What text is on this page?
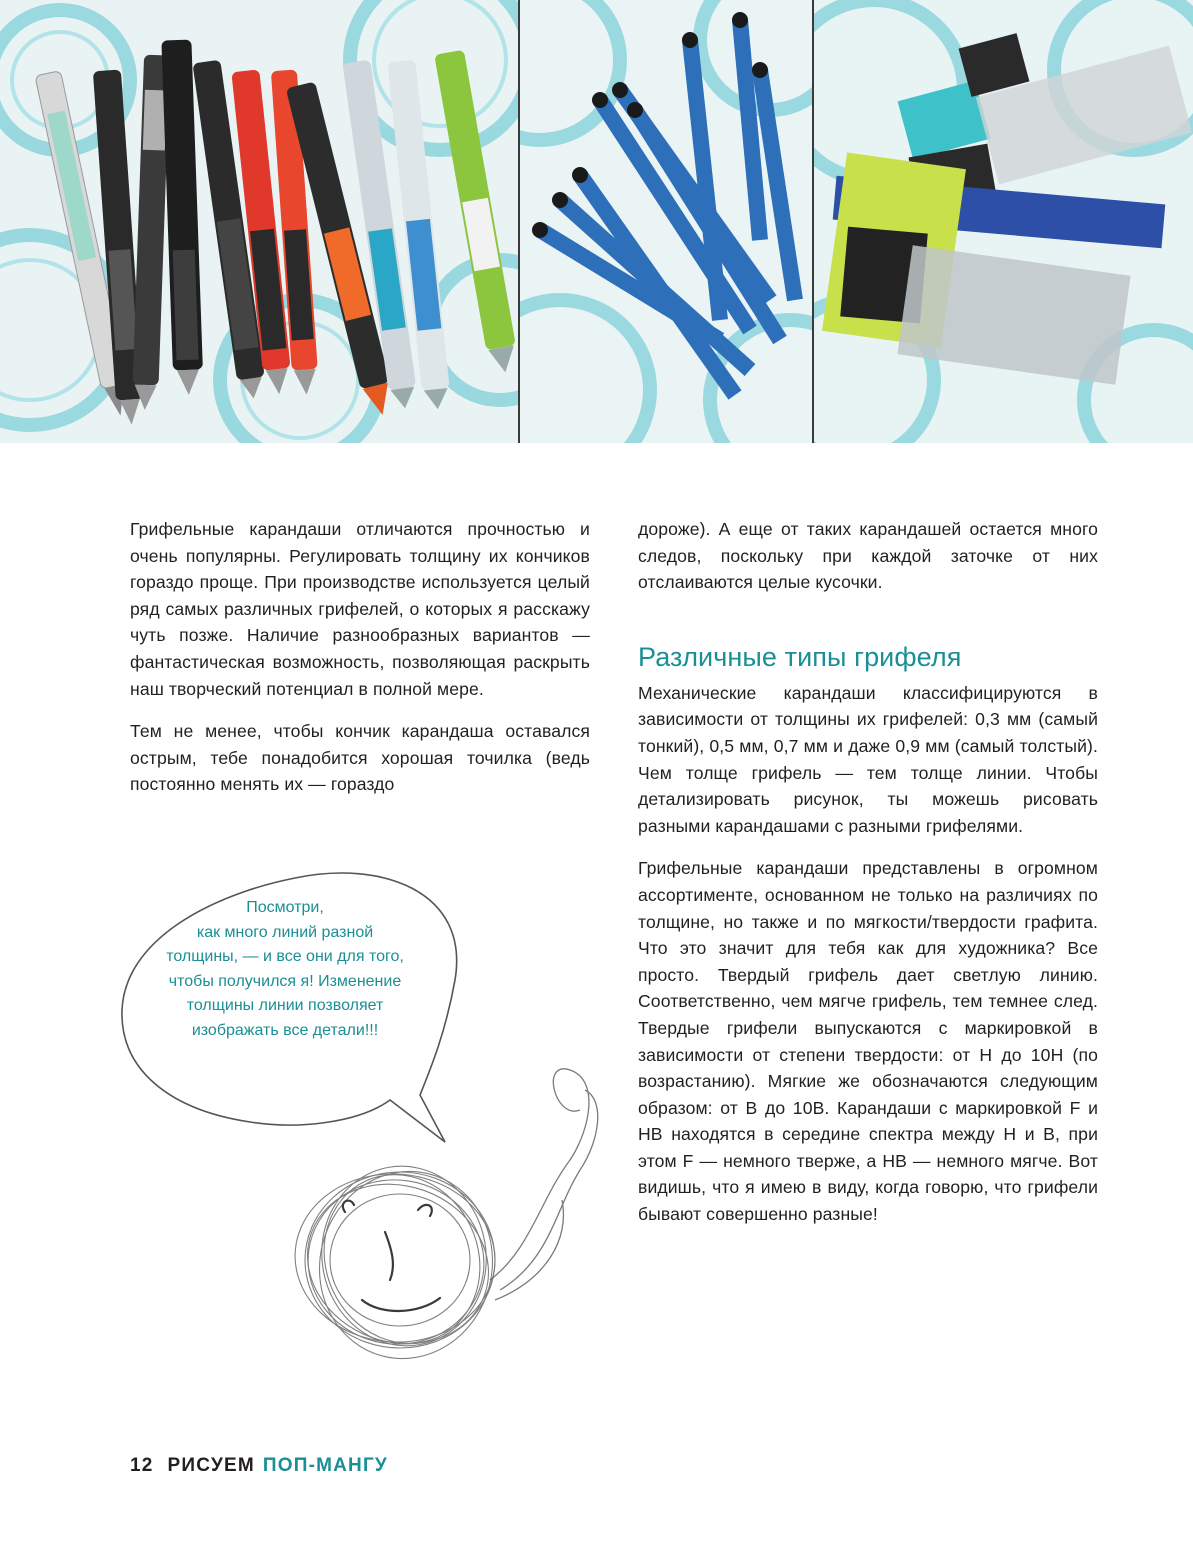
Грифельные карандаши отличаются прочностью и очень популярны. Регулировать толщину их кончиков гораздо проще. При производстве используется целый ряд самых различных грифелей, о которых я расскажу чуть позже. Наличие разнообразных вариантов — фантастическая возможность, позволяющая раскрыть наш творческий потенциал в полной мере.

Тем не менее, чтобы кончик карандаша оставался острым, тебе понадобится хорошая точилка (ведь постоянно менять их — гораздо

дороже). А еще от таких карандашей остается много следов, поскольку при каждой заточке от них отслаиваются целые кусочки.

Различные типы грифеля

Механические карандаши классифицируются в зависимости от толщины их грифелей: 0,3 мм (самый тонкий), 0,5 мм, 0,7 мм и даже 0,9 мм (самый толстый). Чем толще грифель — тем толще линии. Чтобы детализировать рисунок, ты можешь рисовать разными карандашами с разными грифелями.

Грифельные карандаши представлены в огромном ассортименте, основанном не только на различиях по толщине, но также и по мягкости/твердости графита. Что это значит для тебя как для художника? Все просто. Твердый грифель дает светлую линию. Соответственно, чем мягче грифель, тем темнее след. Твердые грифели выпускаются с маркировкой в зависимости от степени твердости: от H до 10H (по возрастанию). Мягкие же обозначаются следующим образом: от B до 10B. Карандаши с маркировкой F и HB находятся в середине спектра между H и B, при этом F — немного тверже, а HB — немного мягче. Вот видишь, что я имею в виду, когда говорю, что грифели бывают совершенно разные!

Посмотри,
как много линий разной
толщины, — и все они для того,
чтобы получился я! Изменение
толщины линии позволяет
изображать все детали!!!
12 РИСУЕМ ПОП-МАНГУ
